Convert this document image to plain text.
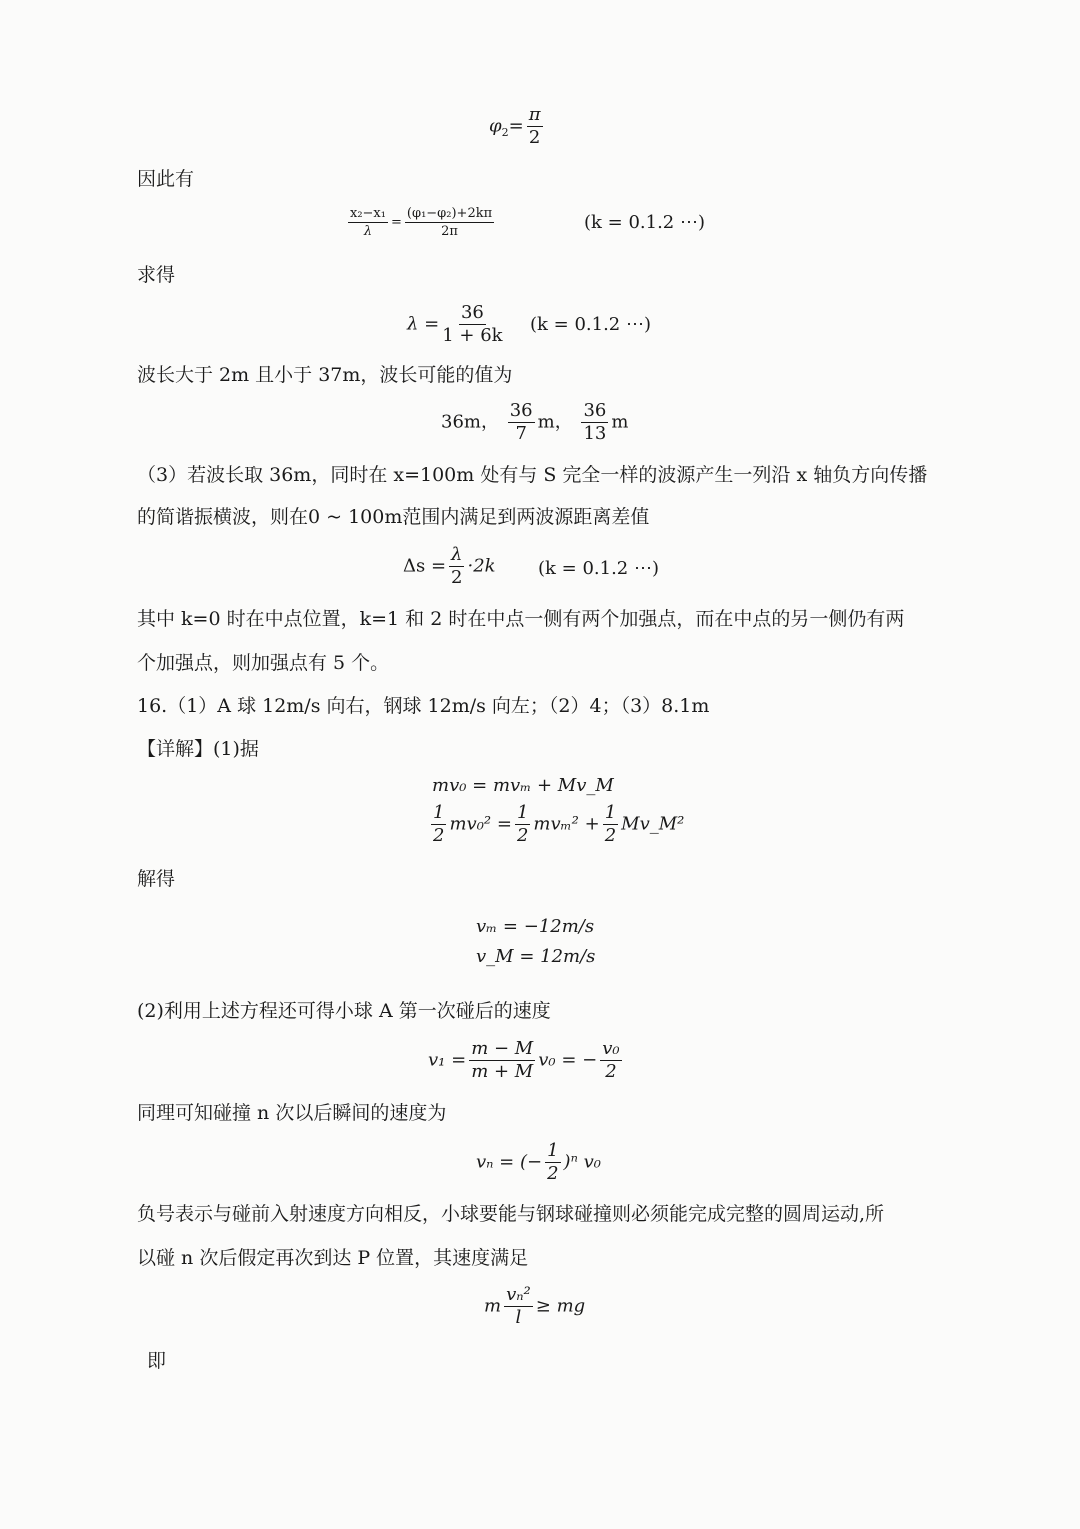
$\varphi_2= \frac{\pi}{2}$
因此有
$\frac{\text{x₂−x₁}}{\lambda} = \frac{\text{(φ₁−φ₂)+2kπ}}{2\pi}$	(k = 0.1.2 ⋯)
求得
$\lambda = \frac{36}{1 + 6k} (k = 0.1.2$ ⋯)
波长大于 2m 且小于 37m，波长可能的值为
36m， $\frac{36}{7}$ m， $\frac{36}{13}$ m
（3）若波长取 36m，同时在 x=100m 处有与 S 完全一样的波源产生一列沿 x 轴负方向传播
的简谐振横波，则在0 ~ 100m范围内满足到两波源距离差值
$\Delta s = \frac{\lambda}{2} \cdot 2k$ (k = 0.1.2 ⋯)
其中 k=0 时在中点位置，k=1 和 2 时在中点一侧有两个加强点，而在中点的另一侧仍有两
个加强点，则加强点有 5 个。
16.（1）A 球 12m/s 向右，钢球 12m/s 向左；（2）4；（3）8.1m
【详解】(1)据
mv₀ = mvₘ + Mv_M
$\frac{1}{2} mv_0^2 = \frac{1}{2} mv_m^2 + \frac{1}{2}$ Mv_M²
解得
vₘ = −12m/s
v_M = 12m/s
(2)利用上述方程还可得小球 A 第一次碰后的速度
$v_1 = \frac{m - M}{m + M} v_0$ = − $\frac{\text{v₀}}{2}$
同理可知碰撞 n 次以后瞬间的速度为
vₙ = (− $\frac{1}{2} )^n$ v₀
负号表示与碰前入射速度方向相反，小球要能与钢球碰撞则必须能完成完整的圆周运动,所
以碰 n 次后假定再次到达 P 位置，其速度满足
m $\frac{\text{vₙ²}}{l}$ ≥ mg
即
